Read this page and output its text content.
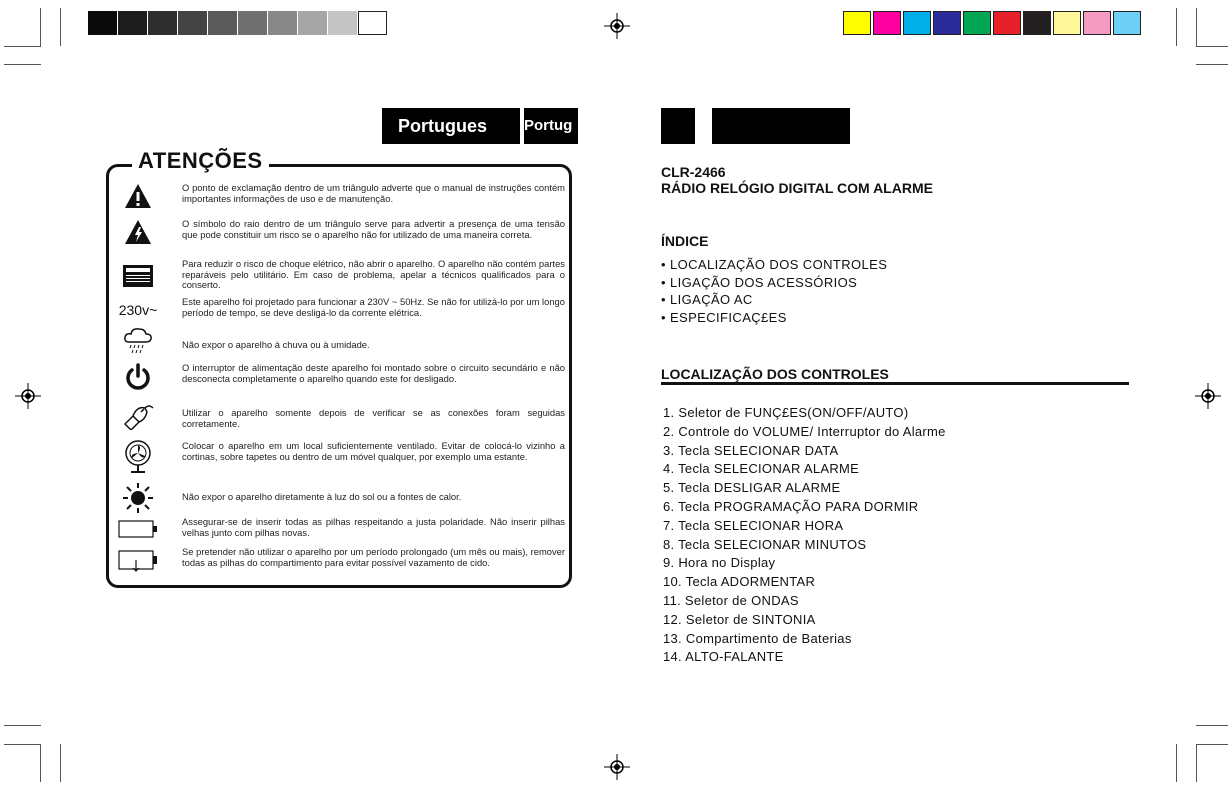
Portugues	Portug
ATENÇÕES
230v~
O ponto de exclamação dentro de um triângulo adverte que o manual de instruções contém importantes informações de uso e de manutenção.
O símbolo do raio dentro de um triângulo serve para advertir a presença de uma tensão que pode constituir um risco se o aparelho não for utilizado de uma maneira correta.
Para reduzir o risco de choque elétrico, não abrir o aparelho. O aparelho não contém partes reparáveis pelo utilitário. Em caso de problema, apelar a técnicos qualificados para o conserto.
Este aparelho foi projetado para funcionar a 230V ~ 50Hz. Se não for utilizá-lo por um longo período de tempo, se deve desligá-lo da corrente elétrica.
Não expor o aparelho à chuva ou à umidade.
O interruptor de alimentação deste aparelho foi montado sobre o circuito secundário e não desconecta completamente o aparelho quando este for desligado.
Utilizar o aparelho somente depois de verificar se as conexões foram seguidas corretamente.
Colocar o aparelho em um local suficientemente ventilado. Evitar de colocá-lo vizinho a cortinas, sobre tapetes ou dentro de um móvel qualquer, por exemplo uma estante.
Não expor o aparelho diretamente à luz do sol ou a fontes de calor.
Assegurar-se de inserir todas as pilhas respeitando a justa polaridade. Não inserir pilhas velhas junto com pilhas novas.
Se pretender não utilizar o aparelho por um período prolongado (um mês ou mais), remover todas as pilhas do compartimento para evitar possível vazamento de cido.
CLR-2466
RÁDIO RELÓGIO DIGITAL COM ALARME
ÍNDICE
• LOCALIZAÇÃO DOS CONTROLES
• LIGAÇÃO DOS ACESSÓRIOS
• LIGAÇÃO AC
• ESPECIFICAÇ£ES
LOCALIZAÇÃO DOS CONTROLES
1. Seletor de FUNÇ£ES(ON/OFF/AUTO)
2. Controle do VOLUME/ Interruptor do Alarme
3. Tecla SELECIONAR DATA
4. Tecla SELECIONAR ALARME
5. Tecla DESLIGAR ALARME
6. Tecla PROGRAMAÇÃO PARA DORMIR
7. Tecla SELECIONAR HORA
8. Tecla SELECIONAR MINUTOS
9. Hora no Display
10. Tecla ADORMENTAR
11. Seletor de ONDAS
12. Seletor de SINTONIA
13. Compartimento de Baterias
14. ALTO-FALANTE
